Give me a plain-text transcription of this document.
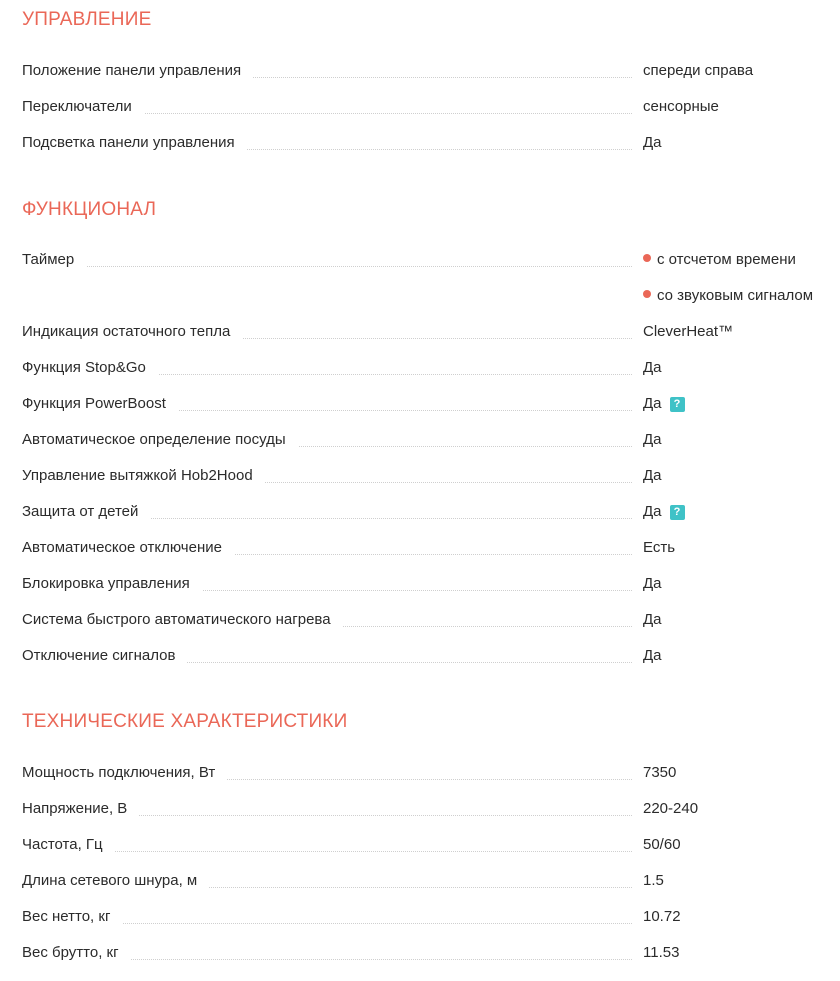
УПРАВЛЕНИЕ
Положение панели управления	спереди справа
Переключатели	сенсорные
Подсветка панели управления	Да
ФУНКЦИОНАЛ
Таймер	с отсчетом времени
со звуковым сигналом
Индикация остаточного тепла	CleverHeat™
Функция Stop&Go	Да
Функция PowerBoost	Да ?
Автоматическое определение посуды	Да
Управление вытяжкой Hob2Hood	Да
Защита от детей	Да ?
Автоматическое отключение	Есть
Блокировка управления	Да
Система быстрого автоматического нагрева	Да
Отключение сигналов	Да
ТЕХНИЧЕСКИЕ ХАРАКТЕРИСТИКИ
Мощность подключения, Вт	7350
Напряжение, В	220-240
Частота, Гц	50/60
Длина сетевого шнура, м	1.5
Вес нетто, кг	10.72
Вес брутто, кг	11.53
